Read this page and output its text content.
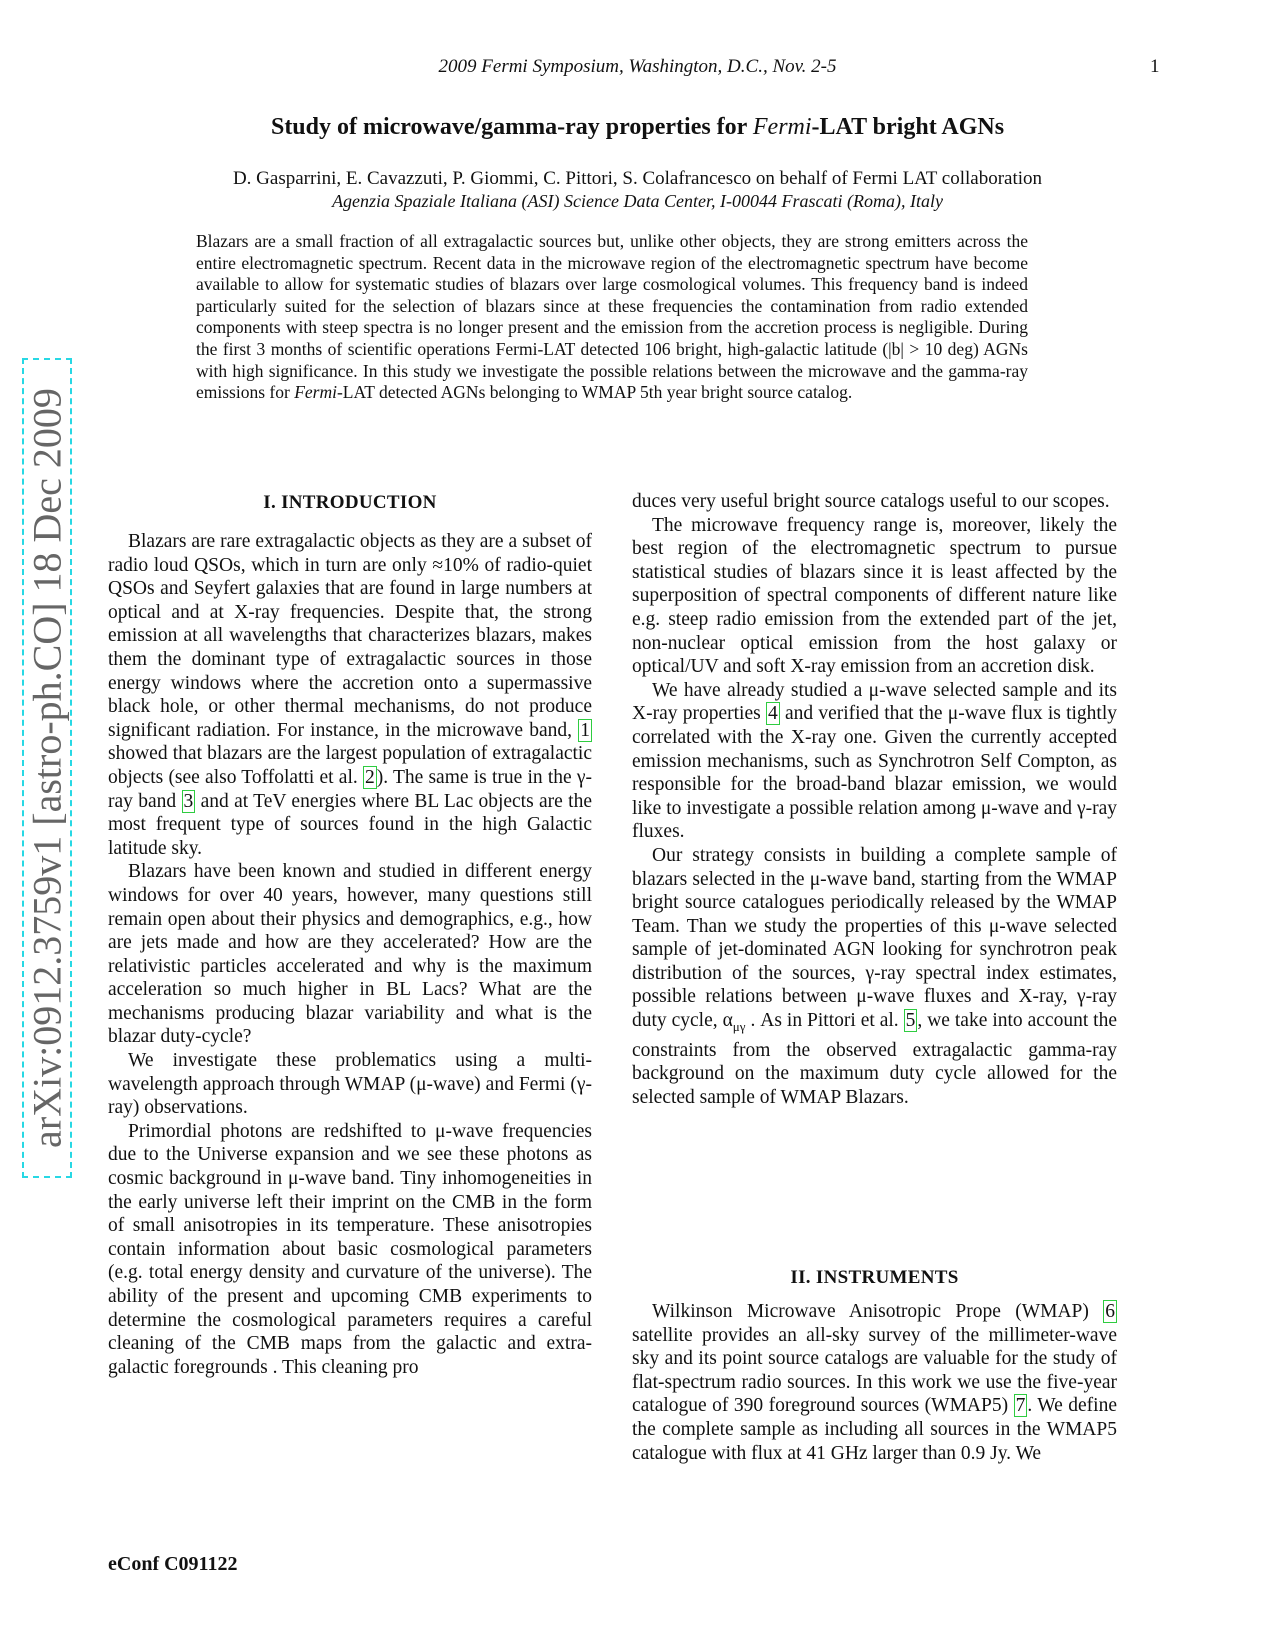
2009 Fermi Symposium, Washington, D.C., Nov. 2-5	1
Study of microwave/gamma-ray properties for Fermi-LAT bright AGNs
D. Gasparrini, E. Cavazzuti, P. Giommi, C. Pittori, S. Colafrancesco on behalf of Fermi LAT collaboration
Agenzia Spaziale Italiana (ASI) Science Data Center, I-00044 Frascati (Roma), Italy
Blazars are a small fraction of all extragalactic sources but, unlike other objects, they are strong emitters across the entire electromagnetic spectrum. Recent data in the microwave region of the electromagnetic spectrum have become available to allow for systematic studies of blazars over large cosmological volumes. This frequency band is indeed particularly suited for the selection of blazars since at these frequencies the contamination from radio extended components with steep spectra is no longer present and the emission from the accretion process is negligible. During the first 3 months of scientific operations Fermi-LAT detected 106 bright, high-galactic latitude (|b| > 10 deg) AGNs with high significance. In this study we investigate the possible relations between the microwave and the gamma-ray emissions for Fermi-LAT detected AGNs belonging to WMAP 5th year bright source catalog.
I. INTRODUCTION

Blazars are rare extragalactic objects as they are a subset of radio loud QSOs, which in turn are only ≈10% of radio-quiet QSOs and Seyfert galaxies that are found in large numbers at optical and at X-ray frequencies. Despite that, the strong emission at all wavelengths that characterizes blazars, makes them the dominant type of extragalactic sources in those energy windows where the accretion onto a supermassive black hole, or other thermal mechanisms, do not produce significant radiation. For instance, in the microwave band, 1 showed that blazars are the largest population of extragalactic objects (see also Toffolatti et al. 2 ). The same is true in the γ-ray band 3 and at TeV energies where BL Lac objects are the most frequent type of sources found in the high Galactic latitude sky.

Blazars have been known and studied in different energy windows for over 40 years, however, many questions still remain open about their physics and demographics, e.g., how are jets made and how are they accelerated? How are the relativistic particles accelerated and why is the maximum acceleration so much higher in BL Lacs? What are the mechanisms producing blazar variability and what is the blazar duty-cycle?

We investigate these problematics using a multi-wavelength approach through WMAP (μ-wave) and Fermi (γ-ray) observations.

Primordial photons are redshifted to μ-wave frequencies due to the Universe expansion and we see these photons as cosmic background in μ-wave band. Tiny inhomogeneities in the early universe left their imprint on the CMB in the form of small anisotropies in its temperature. These anisotropies contain information about basic cosmological parameters (e.g. total energy density and curvature of the universe). The ability of the present and upcoming CMB experiments to determine the cosmological parameters requires a careful cleaning of the CMB maps from the galactic and extra-galactic foregrounds . This cleaning pro

duces very useful bright source catalogs useful to our scopes.

The microwave frequency range is, moreover, likely the best region of the electromagnetic spectrum to pursue statistical studies of blazars since it is least affected by the superposition of spectral components of different nature like e.g. steep radio emission from the extended part of the jet, non-nuclear optical emission from the host galaxy or optical/UV and soft X-ray emission from an accretion disk.

We have already studied a μ-wave selected sample and its X-ray properties 4 and verified that the μ-wave flux is tightly correlated with the X-ray one. Given the currently accepted emission mechanisms, such as Synchrotron Self Compton, as responsible for the broad-band blazar emission, we would like to investigate a possible relation among μ-wave and γ-ray fluxes.

Our strategy consists in building a complete sample of blazars selected in the μ-wave band, starting from the WMAP bright source catalogues periodically released by the WMAP Team. Than we study the properties of this μ-wave selected sample of jet-dominated AGN looking for synchrotron peak distribution of the sources, γ-ray spectral index estimates, possible relations between μ-wave fluxes and X-ray, γ-ray duty cycle, $\alpha_{\mu\gamma}$ . As in Pittori et al. 5 , we take into account the constraints from the observed extragalactic gamma-ray background on the maximum duty cycle allowed for the selected sample of WMAP Blazars.

II. INSTRUMENTS

Wilkinson Microwave Anisotropic Prope (WMAP) 6 satellite provides an all-sky survey of the millimeter-wave sky and its point source catalogs are valuable for the study of flat-spectrum radio sources. In this work we use the five-year catalogue of 390 foreground sources (WMAP5) 7 . We define the complete sample as including all sources in the WMAP5 catalogue with flux at 41 GHz larger than 0.9 Jy. We

arXiv:0912.3759v1 [astro-ph.CO] 18 Dec 2009
eConf C091122
